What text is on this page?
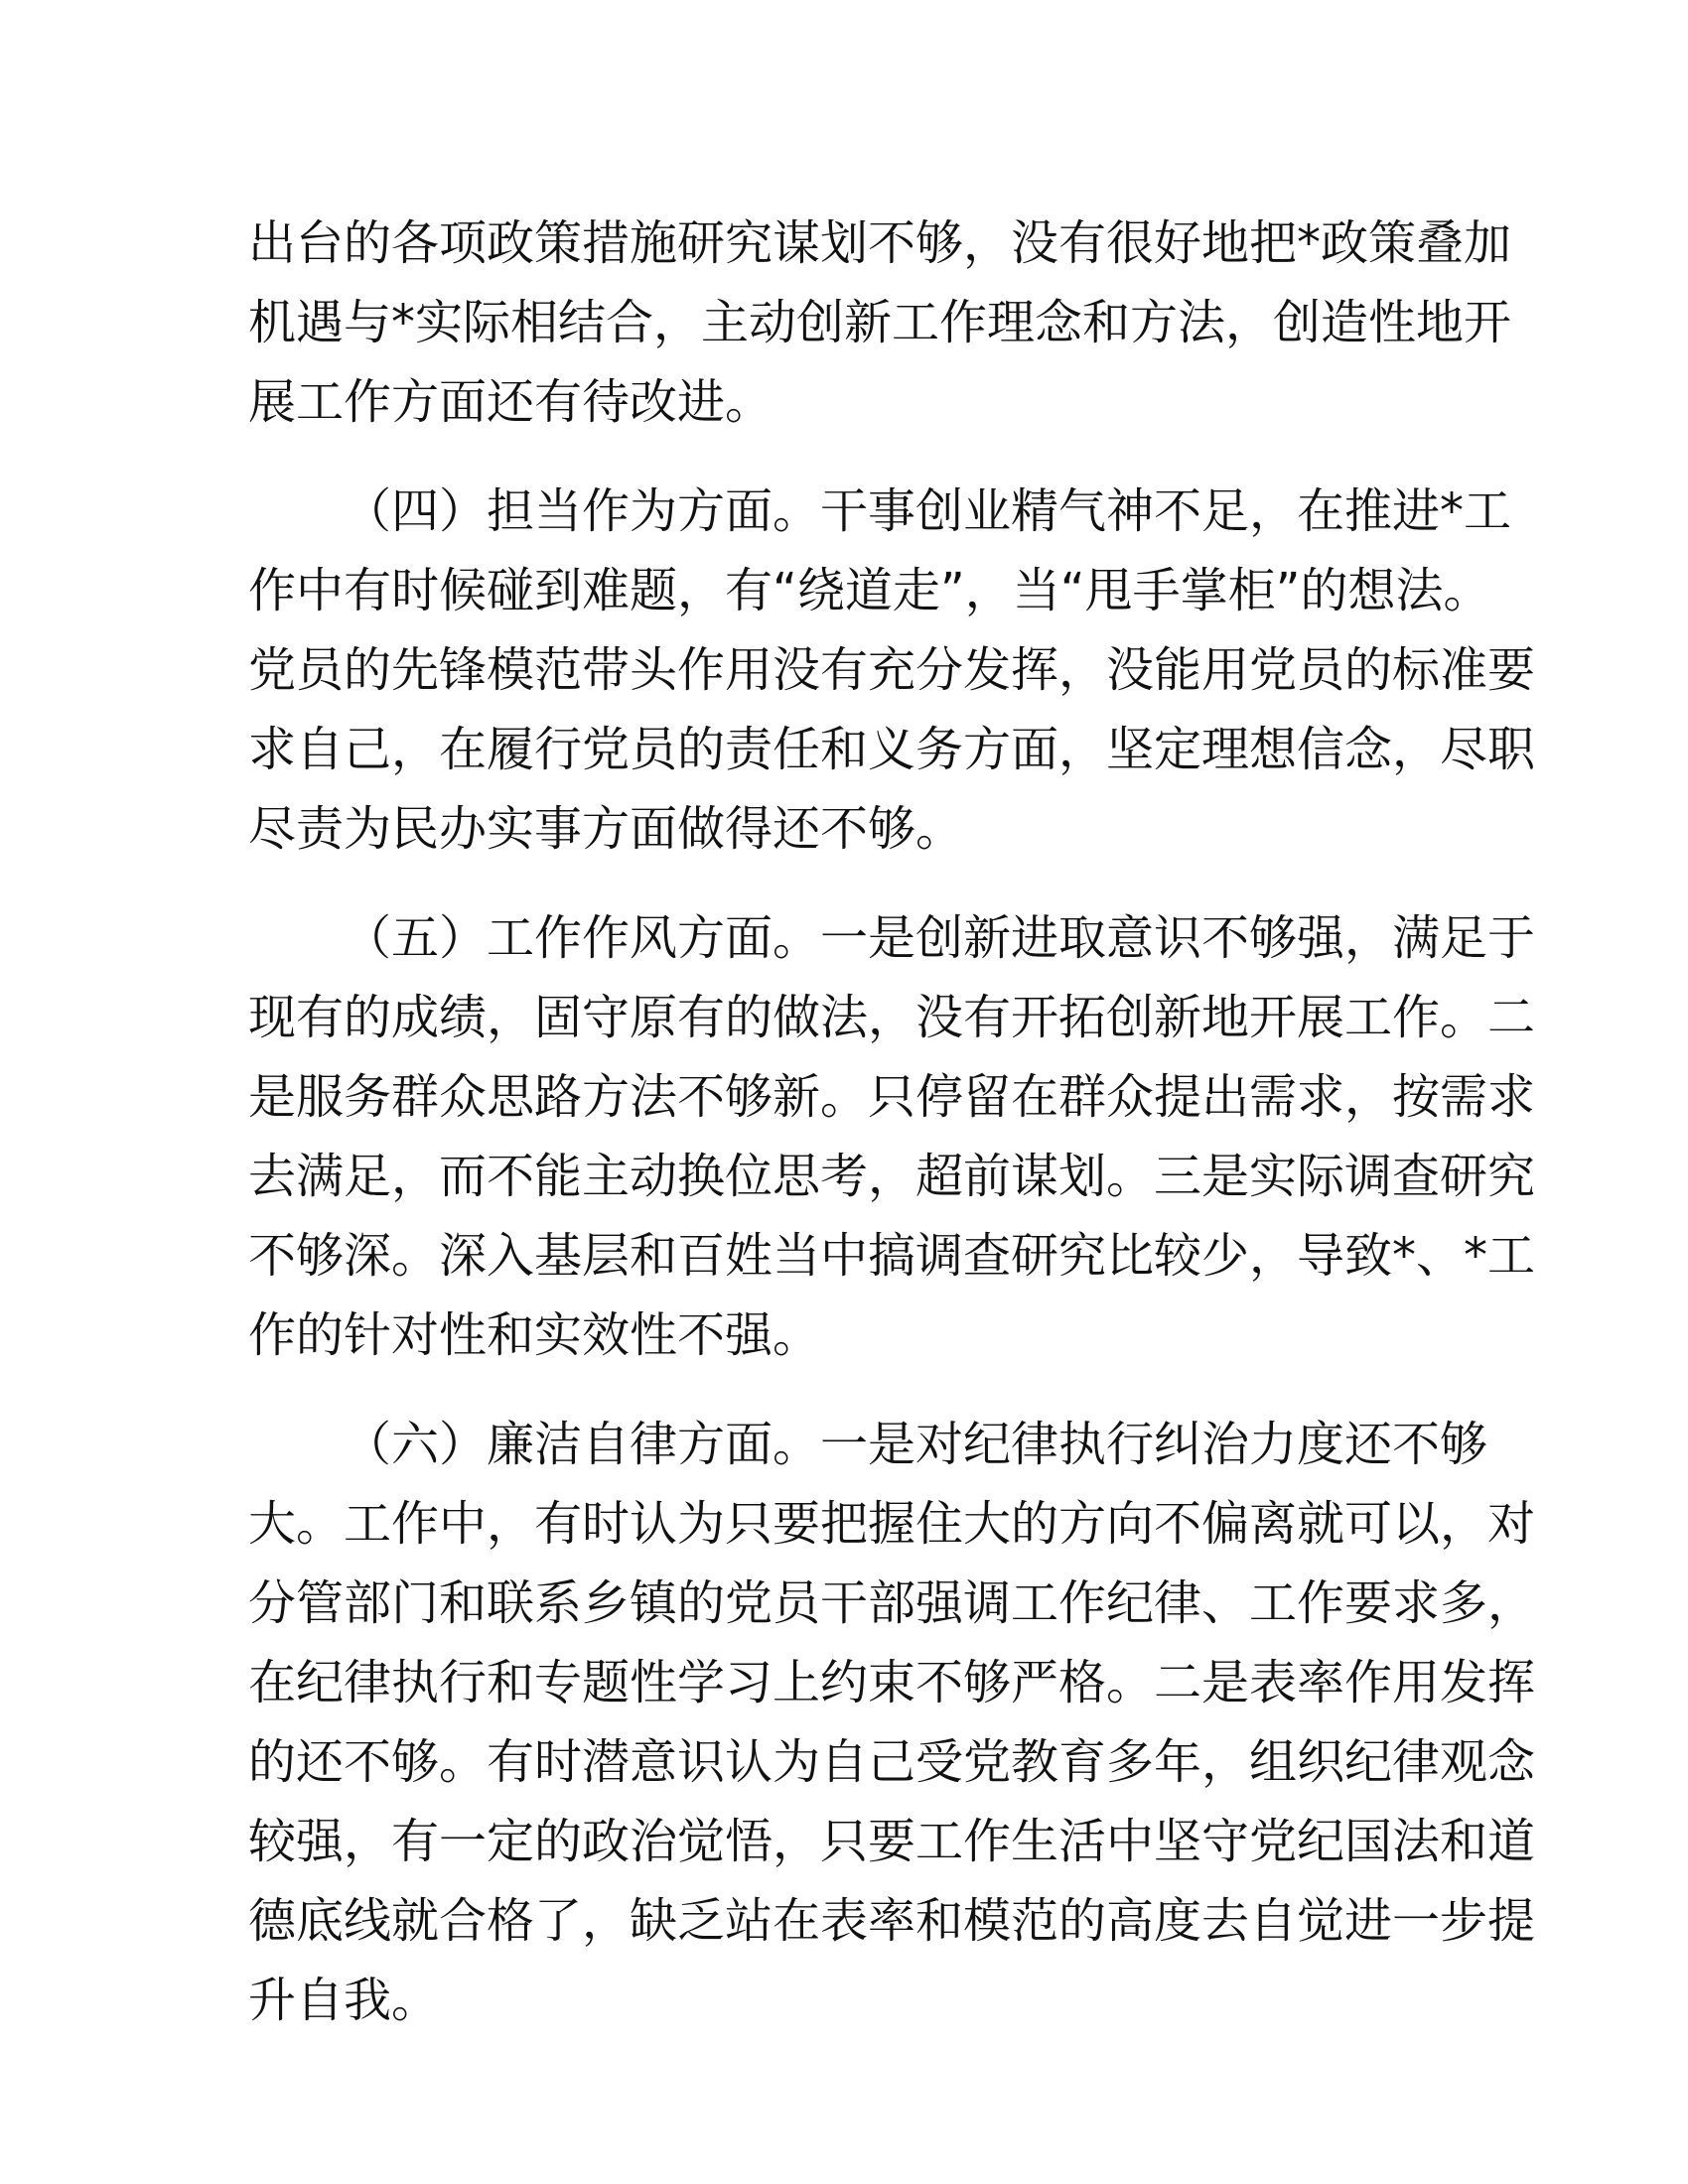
出台的各项政策措施研究谋划不够，没有很好地把*政策叠加
机遇与*实际相结合，主动创新工作理念和方法，创造性地开
展工作方面还有待改进。
（四）担当作为方面。干事创业精气神不足，在推进*工
作中有时候碰到难题，有“绕道走”，当“甩手掌柜”的想法。
党员的先锋模范带头作用没有充分发挥，没能用党员的标准要
求自己，在履行党员的责任和义务方面，坚定理想信念，尽职
尽责为民办实事方面做得还不够。
（五）工作作风方面。一是创新进取意识不够强，满足于
现有的成绩，固守原有的做法，没有开拓创新地开展工作。二
是服务群众思路方法不够新。只停留在群众提出需求，按需求
去满足，而不能主动换位思考，超前谋划。三是实际调查研究
不够深。深入基层和百姓当中搞调查研究比较少，导致*、*工
作的针对性和实效性不强。
（六）廉洁自律方面。一是对纪律执行纠治力度还不够
大。工作中，有时认为只要把握住大的方向不偏离就可以，对
分管部门和联系乡镇的党员干部强调工作纪律、工作要求多，
在纪律执行和专题性学习上约束不够严格。二是表率作用发挥
的还不够。有时潜意识认为自己受党教育多年，组织纪律观念
较强，有一定的政治觉悟，只要工作生活中坚守党纪国法和道
德底线就合格了，缺乏站在表率和模范的高度去自觉进一步提
升自我。
